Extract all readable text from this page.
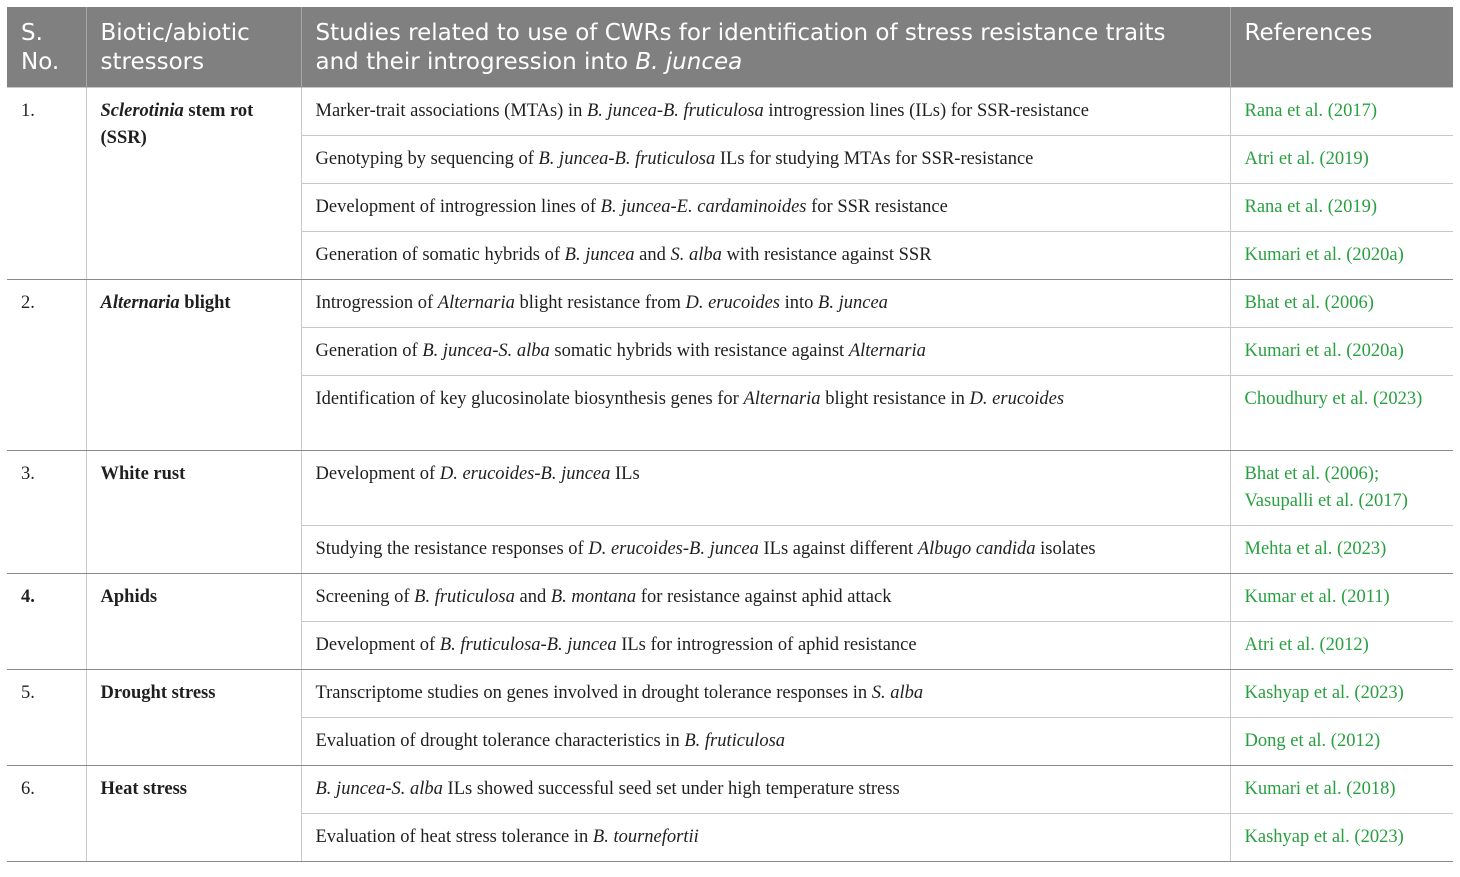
S. No.	Biotic/abiotic stressors	Studies related to use of CWRs for identification of stress resistance traits and their introgression into B. juncea	References
1.	Sclerotinia stem rot (SSR)	Marker-trait associations (MTAs) in B. juncea-B. fruticulosa introgression lines (ILs) for SSR-resistance	Rana et al. (2017)
		Genotyping by sequencing of B. juncea-B. fruticulosa ILs for studying MTAs for SSR-resistance	Atri et al. (2019)
		Development of introgression lines of B. juncea-E. cardaminoides for SSR resistance	Rana et al. (2019)
		Generation of somatic hybrids of B. juncea and S. alba with resistance against SSR	Kumari et al. (2020a)
2.	Alternaria blight	Introgression of Alternaria blight resistance from D. erucoides into B. juncea	Bhat et al. (2006)
		Generation of B. juncea-S. alba somatic hybrids with resistance against Alternaria	Kumari et al. (2020a)
		Identification of key glucosinolate biosynthesis genes for Alternaria blight resistance in D. erucoides	Choudhury et al. (2023)
3.	White rust	Development of D. erucoides-B. juncea ILs	Bhat et al. (2006); Vasupalli et al. (2017)
		Studying the resistance responses of D. erucoides-B. juncea ILs against different Albugo candida isolates	Mehta et al. (2023)
4.	Aphids	Screening of B. fruticulosa and B. montana for resistance against aphid attack	Kumar et al. (2011)
		Development of B. fruticulosa-B. juncea ILs for introgression of aphid resistance	Atri et al. (2012)
5.	Drought stress	Transcriptome studies on genes involved in drought tolerance responses in S. alba	Kashyap et al. (2023)
		Evaluation of drought tolerance characteristics in B. fruticulosa	Dong et al. (2012)
6.	Heat stress	B. juncea-S. alba ILs showed successful seed set under high temperature stress	Kumari et al. (2018)
		Evaluation of heat stress tolerance in B. tournefortii	Kashyap et al. (2023)
